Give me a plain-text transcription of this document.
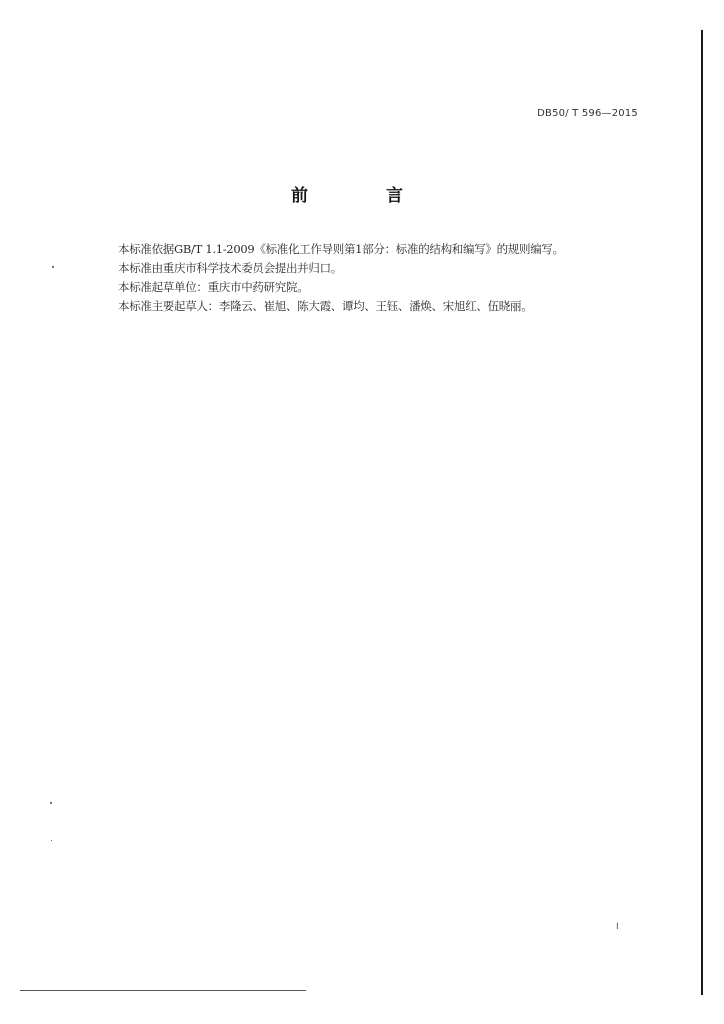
DB50/ T 596—2015
前 言
本标准依据GB/T 1.1-2009《标准化工作导则第1部分：标准的结构和编写》的规则编写。
本标准由重庆市科学技术委员会提出并归口。
本标准起草单位：重庆市中药研究院。
本标准主要起草人：李隆云、崔旭、陈大霞、谭均、王钰、潘焕、宋旭红、伍晓丽。
I
